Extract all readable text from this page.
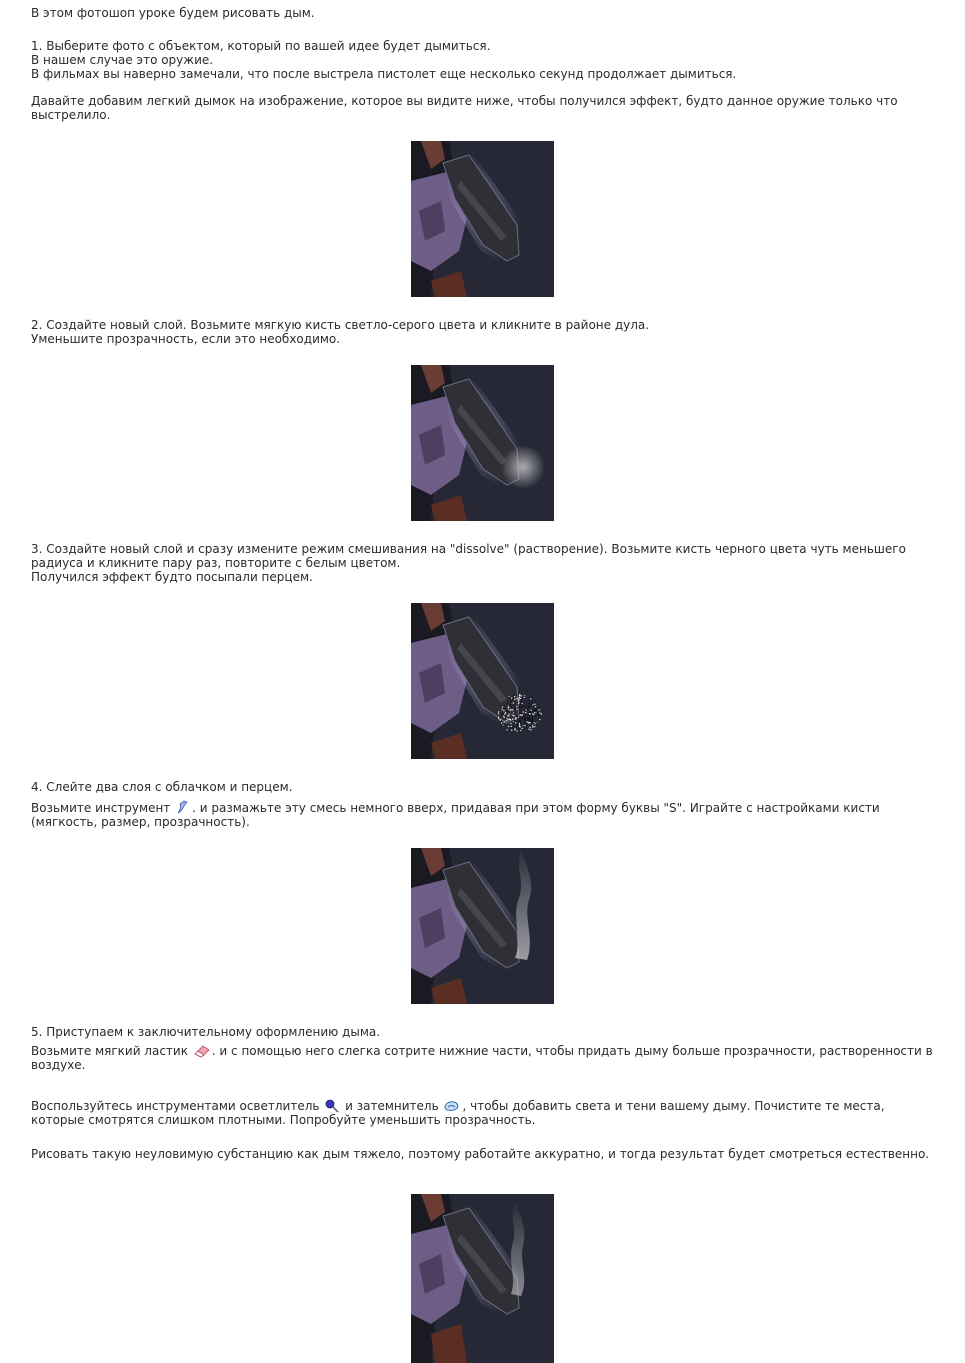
В этом фотошоп уроке будем рисовать дым.
1. Выберите фото с объектом, который по вашей идее будет дымиться.
В нашем случае это оружие.
В фильмах вы наверно замечали, что после выстрела пистолет еще несколько секунд продолжает дымиться.
Давайте добавим легкий дымок на изображение, которое вы видите ниже, чтобы получился эффект, будто данное оружие только что выстрелило.
2. Создайте новый слой. Возьмите мягкую кисть светло-серого цвета и кликните в районе дула.
Уменьшите прозрачность, если это необходимо.
3. Создайте новый слой и сразу измените режим смешивания на "dissolve" (растворение). Возьмите кисть черного цвета чуть меньшего радиуса и кликните пару раз, повторите с белым цветом.
Получился эффект будто посыпали перцем.
4. Слейте два слоя с облачком и перцем.
Возьмите инструмент . и размажьте эту смесь немного вверх, придавая при этом форму буквы "S". Играйте с настройками кисти (мягкость, размер, прозрачность).
5. Приступаем к заключительному оформлению дыма.
Возьмите мягкий ластик . и с помощью него слегка сотрите нижние части, чтобы придать дыму больше прозрачности, растворенности в воздухе.
Воспользуйтесь инструментами осветлитель и затемнитель , чтобы добавить света и тени вашему дыму. Почистите те места, которые смотрятся слишком плотными. Попробуйте уменьшить прозрачность.
Рисовать такую неуловимую субстанцию как дым тяжело, поэтому работайте аккуратно, и тогда результат будет смотреться естественно.
